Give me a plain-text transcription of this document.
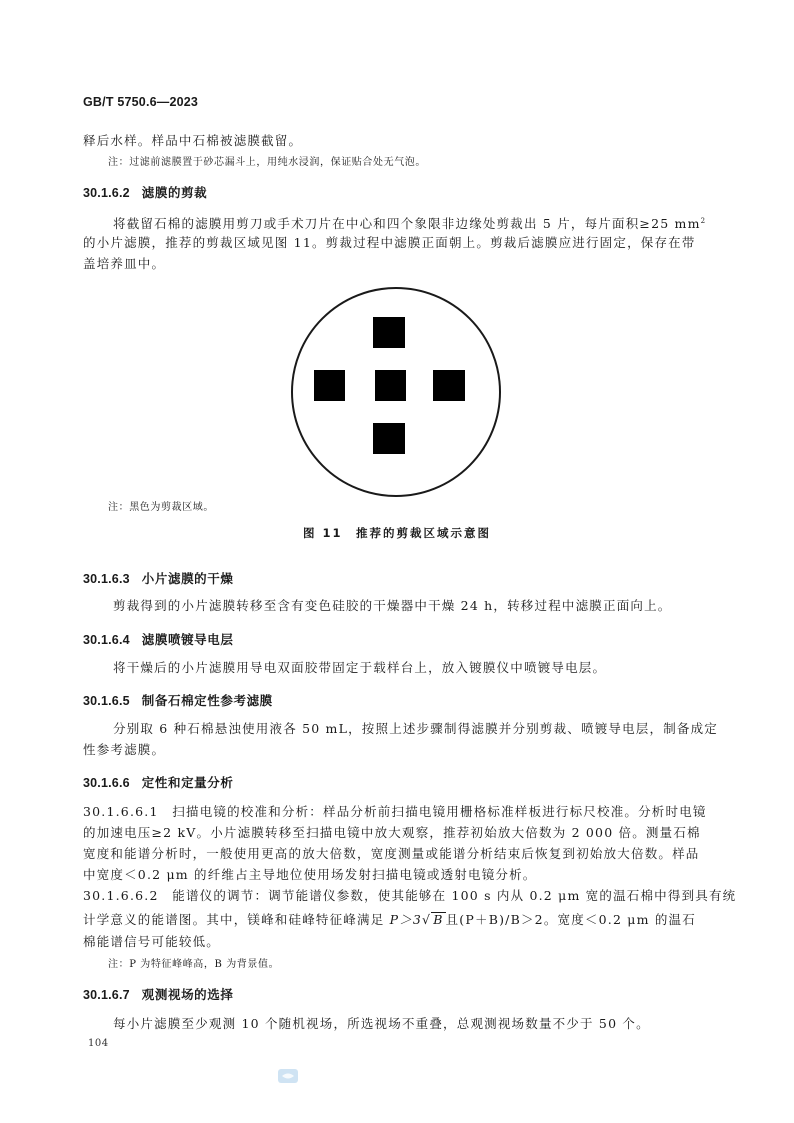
GB/T 5750.6—2023
释后水样。样品中石棉被滤膜截留。
注：过滤前滤膜置于砂芯漏斗上，用纯水浸润，保证贴合处无气泡。
30.1.6.2 滤膜的剪裁
将截留石棉的滤膜用剪刀或手术刀片在中心和四个象限非边缘处剪裁出 5 片，每片面积≥25 $mm^2$
的小片滤膜，推荐的剪裁区域见图 11。剪裁过程中滤膜正面朝上。剪裁后滤膜应进行固定，保存在带
盖培养皿中。
注：黑色为剪裁区域。
图 11　推荐的剪裁区域示意图
30.1.6.3 小片滤膜的干燥
剪裁得到的小片滤膜转移至含有变色硅胶的干燥器中干燥 24 h，转移过程中滤膜正面向上。
30.1.6.4 滤膜喷镀导电层
将干燥后的小片滤膜用导电双面胶带固定于载样台上，放入镀膜仪中喷镀导电层。
30.1.6.5 制备石棉定性参考滤膜
分别取 6 种石棉悬浊使用液各 50 mL，按照上述步骤制得滤膜并分别剪裁、喷镀导电层，制备成定
性参考滤膜。
30.1.6.6 定性和定量分析
30.1.6.6.1　扫描电镜的校准和分析：样品分析前扫描电镜用栅格标准样板进行标尺校准。分析时电镜
的加速电压≥2 kV。小片滤膜转移至扫描电镜中放大观察，推荐初始放大倍数为 2 000 倍。测量石棉
宽度和能谱分析时，一般使用更高的放大倍数，宽度测量或能谱分析结束后恢复到初始放大倍数。样品
中宽度＜0.2 μm 的纤维占主导地位使用场发射扫描电镜或透射电镜分析。
30.1.6.6.2　能谱仪的调节：调节能谱仪参数，使其能够在 100 s 内从 0.2 μm 宽的温石棉中得到具有统
计学意义的能谱图。其中，镁峰和硅峰特征峰满足 P＞3√ B 且(P＋B)/B＞2。宽度＜0.2 μm 的温石
棉能谱信号可能较低。
注：P 为特征峰峰高，B 为背景值。
30.1.6.7 观测视场的选择
每小片滤膜至少观测 10 个随机视场，所选视场不重叠，总观测视场数量不少于 50 个。
104
